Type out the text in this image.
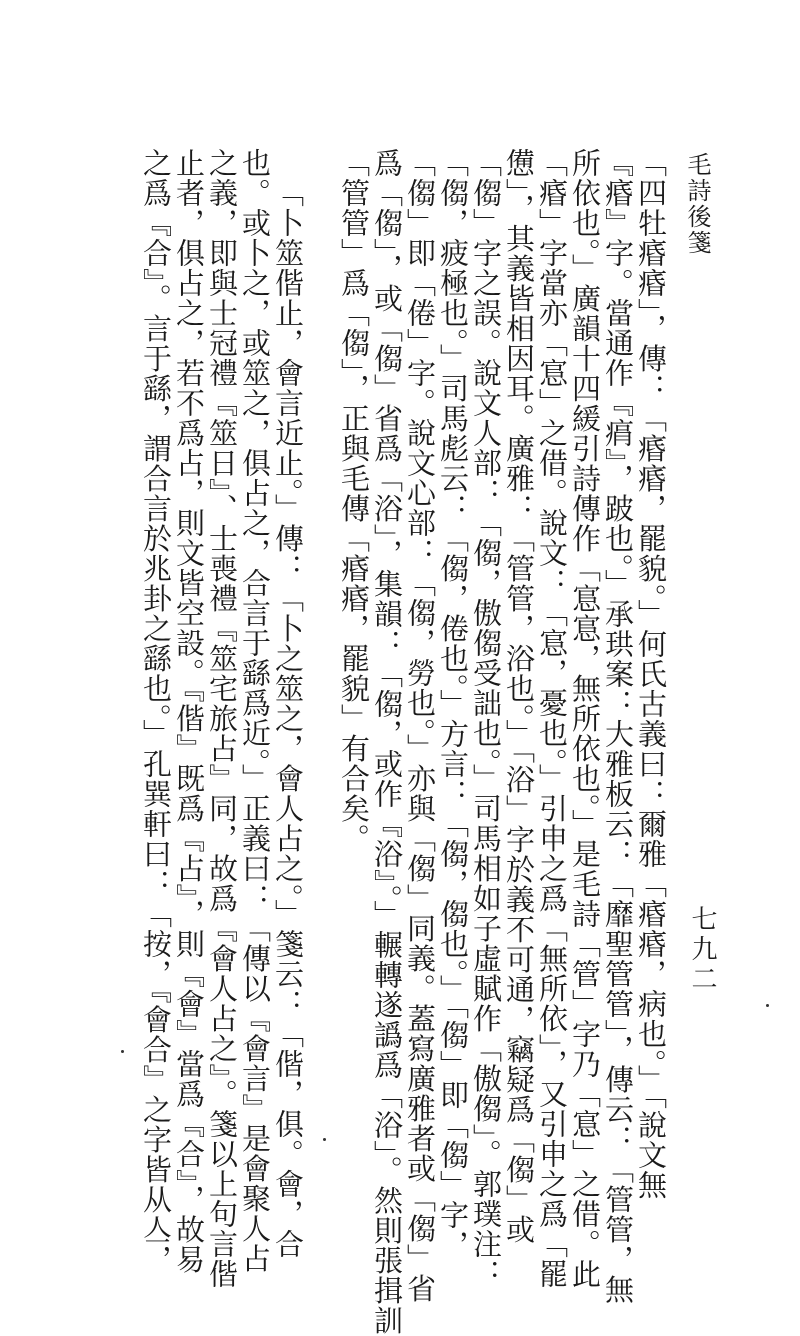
毛詩後箋
七九二
「四牡痻痻」，傳：「痻痻，罷貌。」何氏古義曰：爾雅「痻痻，病也。」「說文無
『痻』字。當通作『㾓』，跛也。」承珙案：大雅板云：「靡聖管管」，傳云：「管管，無
所依也。」廣韻十四緩引詩傳作「悹悹，無所依也。」是毛詩「管」字乃「悹」之借。此
「痻」字當亦「悹」之借。說文：「悹，憂也。」引申之爲「無所依」，又引申之爲「罷
憊」，其義皆相因耳。廣雅：「管管，浴也。」「浴」字於義不可通，竊疑爲「㑳」或
「㑳」字之誤。說文人部：「㑳，傲㑳受詘也。」司馬相如子虛賦作「傲㑳」。郭璞注：
「㑳，疲極也。」司馬彪云：「㑳，倦也。」方言：「㑳，㑳也。」「㑳」即「㑳」字，
「㑳」即「倦」字。說文心部：「㑳，勞也。」亦與「㑳」同義。蓋寫廣雅者或「㑳」省
爲「㑳」，或「㑳」省爲「浴」，集韻：「㑳，或作『浴』。」輾轉遂譌爲「浴」。然則張揖訓
「管管」爲「㑳」，正與毛傳「痻痻，罷貌」有合矣。
「卜筮偕止，會言近止。」傳：「卜之筮之，會人占之。」箋云：「偕，俱。會，合
也。或卜之，或筮之，俱占之，合言于繇爲近。」正義曰：「傳以『會言』是會聚人占
之義，即與士冠禮『筮日』、士喪禮『筮宅旅占』同，故爲『會人占之』。箋以上句言偕
止者，俱占之，若不爲占，則文皆空設。『偕』既爲『占』，則『會』當爲『合』，故易
之爲『合』。言于繇，謂合言於兆卦之繇也。」孔巽軒曰：「按，『會合』之字皆从亼，
